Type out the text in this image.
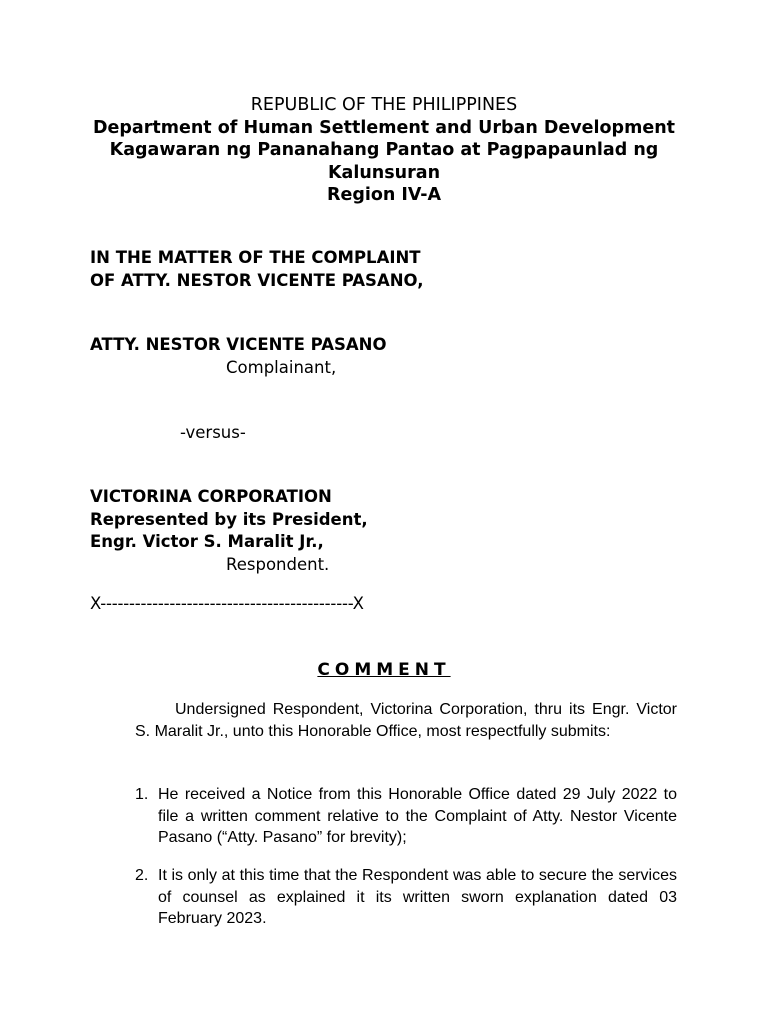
REPUBLIC OF THE PHILIPPINES
Department of Human Settlement and Urban Development
Kagawaran ng Pananahang Pantao at Pagpapaunlad ng
Kalunsuran
Region IV-A
IN THE MATTER OF THE COMPLAINT
OF ATTY. NESTOR VICENTE PASANO,
ATTY. NESTOR VICENTE PASANO
Complainant,
-versus-
VICTORINA CORPORATION
Represented by its President,
Engr. Victor S. Maralit Jr.,
Respondent.
X--------------------------------------------X
COMMENT
Undersigned Respondent, Victorina Corporation, thru its Engr. Victor S. Maralit Jr., unto this Honorable Office, most respectfully submits:
1. He received a Notice from this Honorable Office dated 29 July 2022 to file a written comment relative to the Complaint of Atty. Nestor Vicente Pasano (“Atty. Pasano” for brevity);
2. It is only at this time that the Respondent was able to secure the services of counsel as explained it its written sworn explanation dated 03 February 2023.
